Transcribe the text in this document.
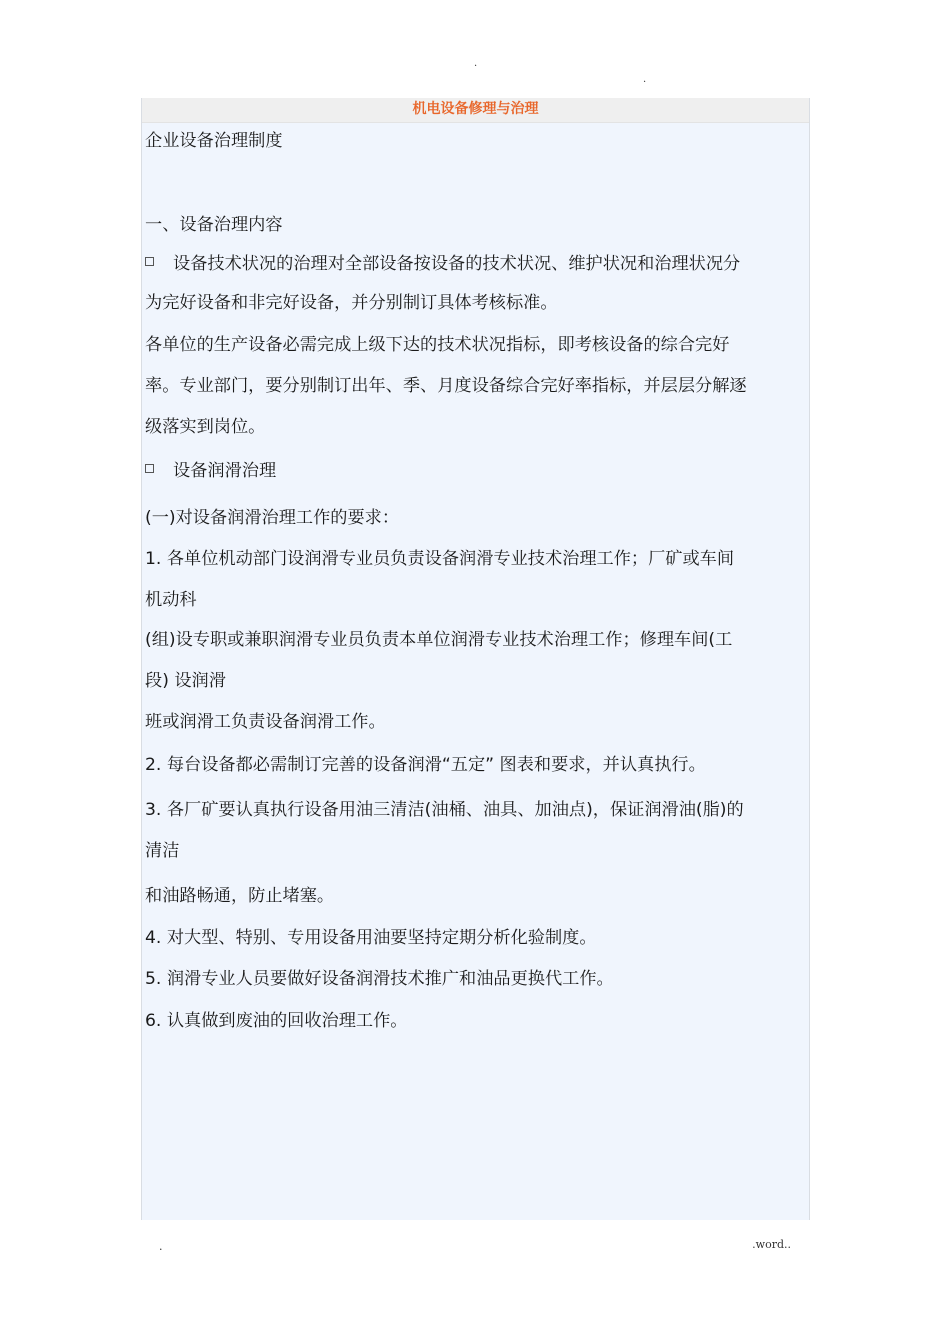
.
.
机电设备修理与治理
企业设备治理制度
一、设备治理内容
设备技术状况的治理对全部设备按设备的技术状况、维护状况和治理状况分
为完好设备和非完好设备，并分别制订具体考核标准。
各单位的生产设备必需完成上级下达的技术状况指标，即考核设备的综合完好
率。专业部门，要分别制订出年、季、月度设备综合完好率指标，并层层分解逐
级落实到岗位。
设备润滑治理
(一)对设备润滑治理工作的要求：
1. 各单位机动部门设润滑专业员负责设备润滑专业技术治理工作；厂矿或车间
机动科
(组)设专职或兼职润滑专业员负责本单位润滑专业技术治理工作；修理车间(工
段) 设润滑
班或润滑工负责设备润滑工作。
2. 每台设备都必需制订完善的设备润滑“五定” 图表和要求，并认真执行。
3. 各厂矿要认真执行设备用油三清洁(油桶、油具、加油点)，保证润滑油(脂)的
清洁
和油路畅通，防止堵塞。
4. 对大型、特别、专用设备用油要坚持定期分析化验制度。
5. 润滑专业人员要做好设备润滑技术推广和油品更换代工作。
6. 认真做到废油的回收治理工作。
.	.word..
